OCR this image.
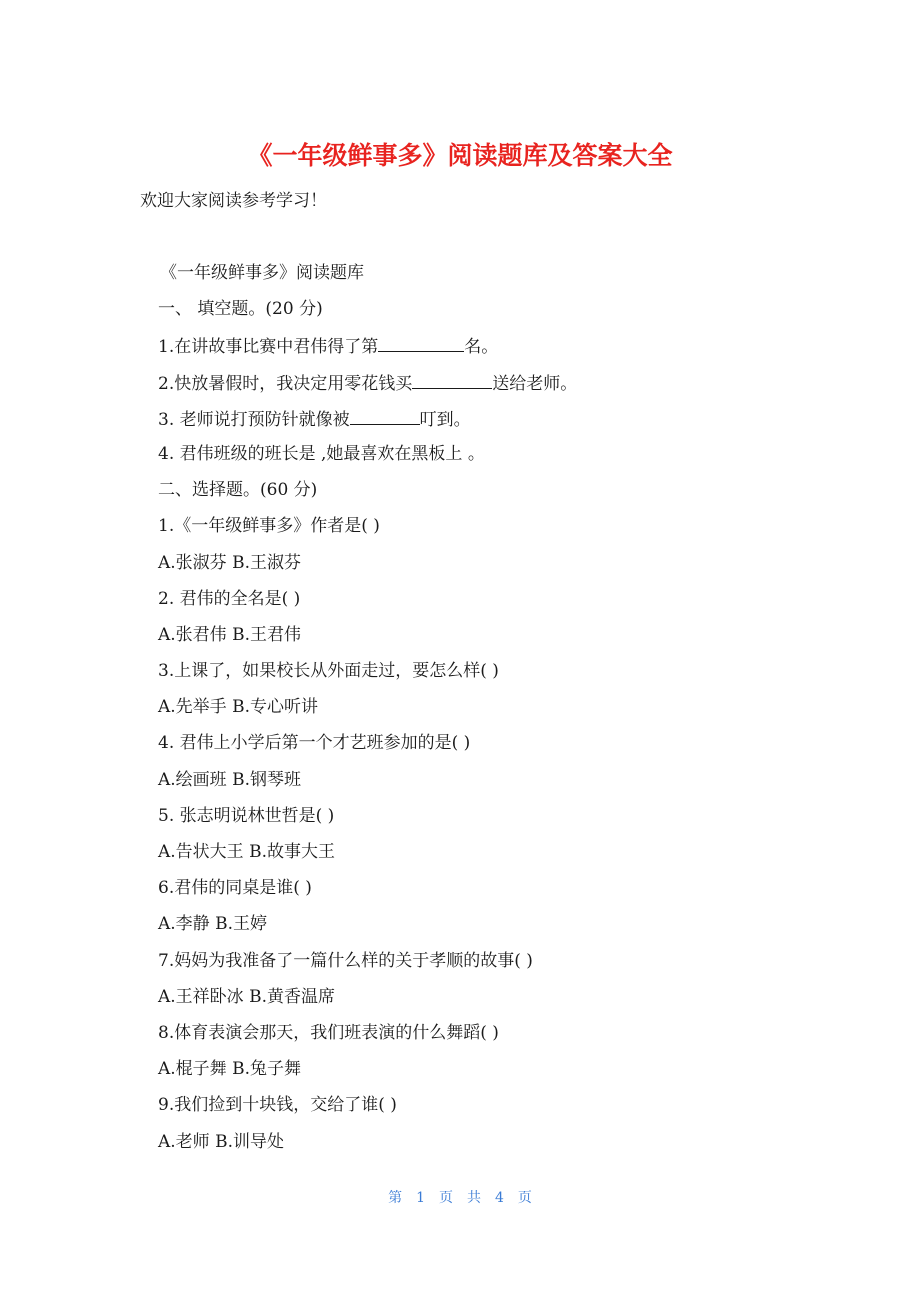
《一年级鲜事多》阅读题库及答案大全
欢迎大家阅读参考学习！
《一年级鲜事多》阅读题库
一、 填空题。(20 分)
1.在讲故事比赛中君伟得了第	名。
2.快放暑假时，我决定用零花钱买	送给老师。
3. 老师说打预防针就像被	叮到。
4. 君伟班级的班长是 ,她最喜欢在黑板上 。
二、选择题。(60 分)
1.《一年级鲜事多》作者是( )
A.张淑芬 B.王淑芬
2. 君伟的全名是( )
A.张君伟 B.王君伟
3.上课了，如果校长从外面走过，要怎么样( )
A.先举手 B.专心听讲
4. 君伟上小学后第一个才艺班参加的是( )
A.绘画班 B.钢琴班
5. 张志明说林世哲是( )
A.告状大王 B.故事大王
6.君伟的同桌是谁( )
A.李静 B.王婷
7.妈妈为我准备了一篇什么样的关于孝顺的故事( )
A.王祥卧冰 B.黄香温席
8.体育表演会那天，我们班表演的什么舞蹈( )
A.棍子舞 B.兔子舞
9.我们捡到十块钱，交给了谁( )
A.老师 B.训导处
第 1 页 共 4 页
